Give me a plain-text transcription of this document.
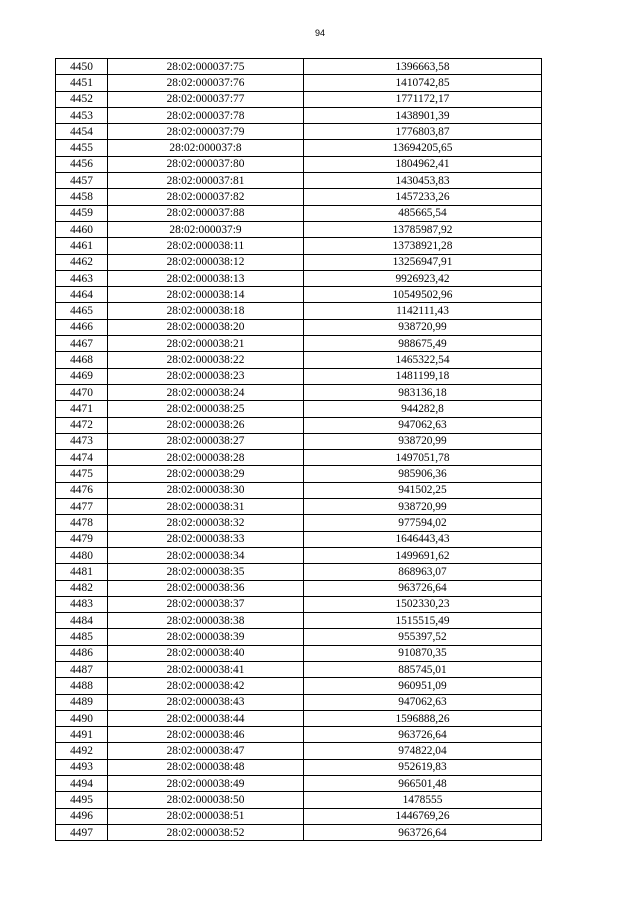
94
4450	28:02:000037:75	1396663,58
4451	28:02:000037:76	1410742,85
4452	28:02:000037:77	1771172,17
4453	28:02:000037:78	1438901,39
4454	28:02:000037:79	1776803,87
4455	28:02:000037:8	13694205,65
4456	28:02:000037:80	1804962,41
4457	28:02:000037:81	1430453,83
4458	28:02:000037:82	1457233,26
4459	28:02:000037:88	485665,54
4460	28:02:000037:9	13785987,92
4461	28:02:000038:11	13738921,28
4462	28:02:000038:12	13256947,91
4463	28:02:000038:13	9926923,42
4464	28:02:000038:14	10549502,96
4465	28:02:000038:18	1142111,43
4466	28:02:000038:20	938720,99
4467	28:02:000038:21	988675,49
4468	28:02:000038:22	1465322,54
4469	28:02:000038:23	1481199,18
4470	28:02:000038:24	983136,18
4471	28:02:000038:25	944282,8
4472	28:02:000038:26	947062,63
4473	28:02:000038:27	938720,99
4474	28:02:000038:28	1497051,78
4475	28:02:000038:29	985906,36
4476	28:02:000038:30	941502,25
4477	28:02:000038:31	938720,99
4478	28:02:000038:32	977594,02
4479	28:02:000038:33	1646443,43
4480	28:02:000038:34	1499691,62
4481	28:02:000038:35	868963,07
4482	28:02:000038:36	963726,64
4483	28:02:000038:37	1502330,23
4484	28:02:000038:38	1515515,49
4485	28:02:000038:39	955397,52
4486	28:02:000038:40	910870,35
4487	28:02:000038:41	885745,01
4488	28:02:000038:42	960951,09
4489	28:02:000038:43	947062,63
4490	28:02:000038:44	1596888,26
4491	28:02:000038:46	963726,64
4492	28:02:000038:47	974822,04
4493	28:02:000038:48	952619,83
4494	28:02:000038:49	966501,48
4495	28:02:000038:50	1478555
4496	28:02:000038:51	1446769,26
4497	28:02:000038:52	963726,64
